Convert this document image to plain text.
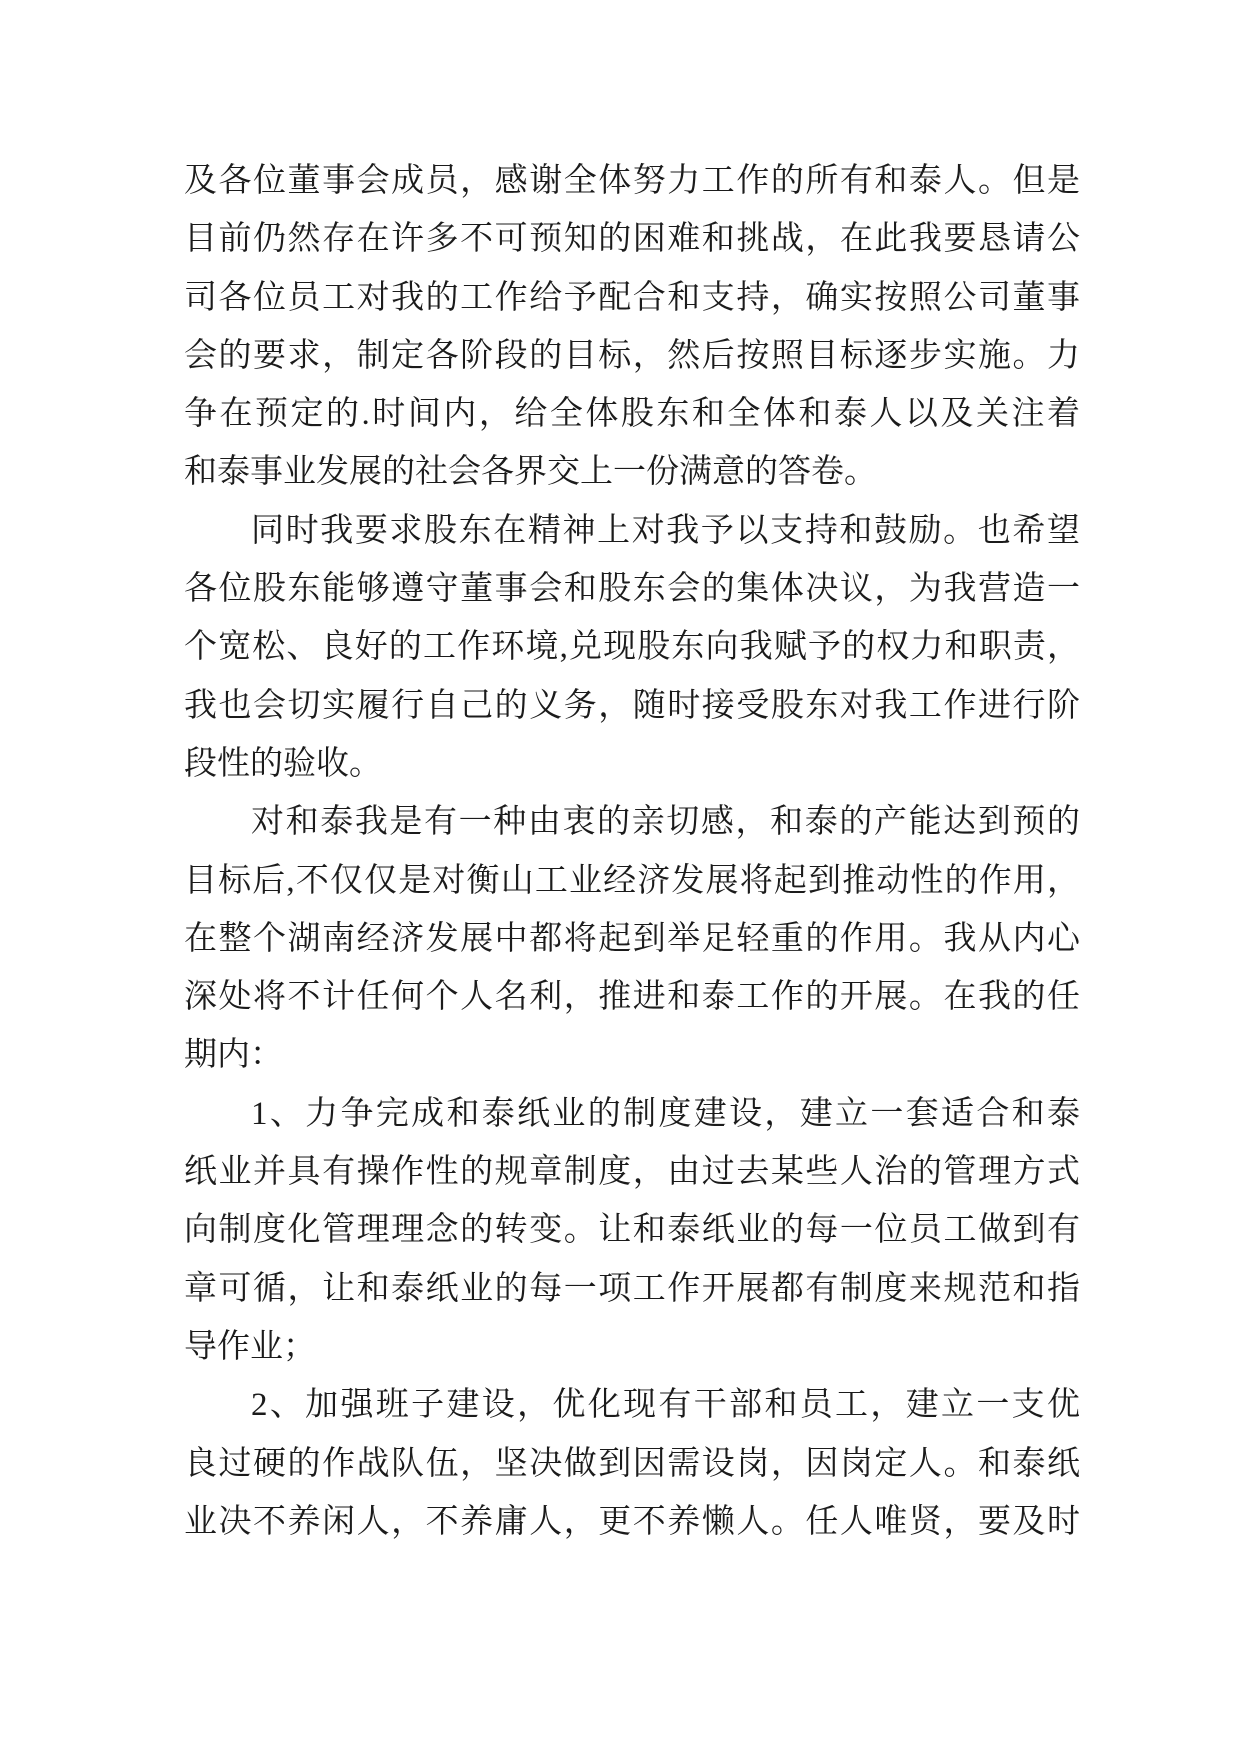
及各位董事会成员，感谢全体努力工作的所有和泰人。但是
目前仍然存在许多不可预知的困难和挑战，在此我要恳请公
司各位员工对我的工作给予配合和支持，确实按照公司董事
会的要求，制定各阶段的目标，然后按照目标逐步实施。力
争在预定的.时间内，给全体股东和全体和泰人以及关注着
和泰事业发展的社会各界交上一份满意的答卷。
同时我要求股东在精神上对我予以支持和鼓励。也希望
各位股东能够遵守董事会和股东会的集体决议，为我营造一
个宽松、良好的工作环境,兑现股东向我赋予的权力和职责，
我也会切实履行自己的义务，随时接受股东对我工作进行阶
段性的验收。
对和泰我是有一种由衷的亲切感，和泰的产能达到预的
目标后,不仅仅是对衡山工业经济发展将起到推动性的作用，
在整个湖南经济发展中都将起到举足轻重的作用。我从内心
深处将不计任何个人名利，推进和泰工作的开展。在我的任
期内：
1、力争完成和泰纸业的制度建设，建立一套适合和泰
纸业并具有操作性的规章制度，由过去某些人治的管理方式
向制度化管理理念的转变。让和泰纸业的每一位员工做到有
章可循，让和泰纸业的每一项工作开展都有制度来规范和指
导作业；
2、加强班子建设，优化现有干部和员工，建立一支优
良过硬的作战队伍，坚决做到因需设岗，因岗定人。和泰纸
业决不养闲人，不养庸人，更不养懒人。任人唯贤，要及时
